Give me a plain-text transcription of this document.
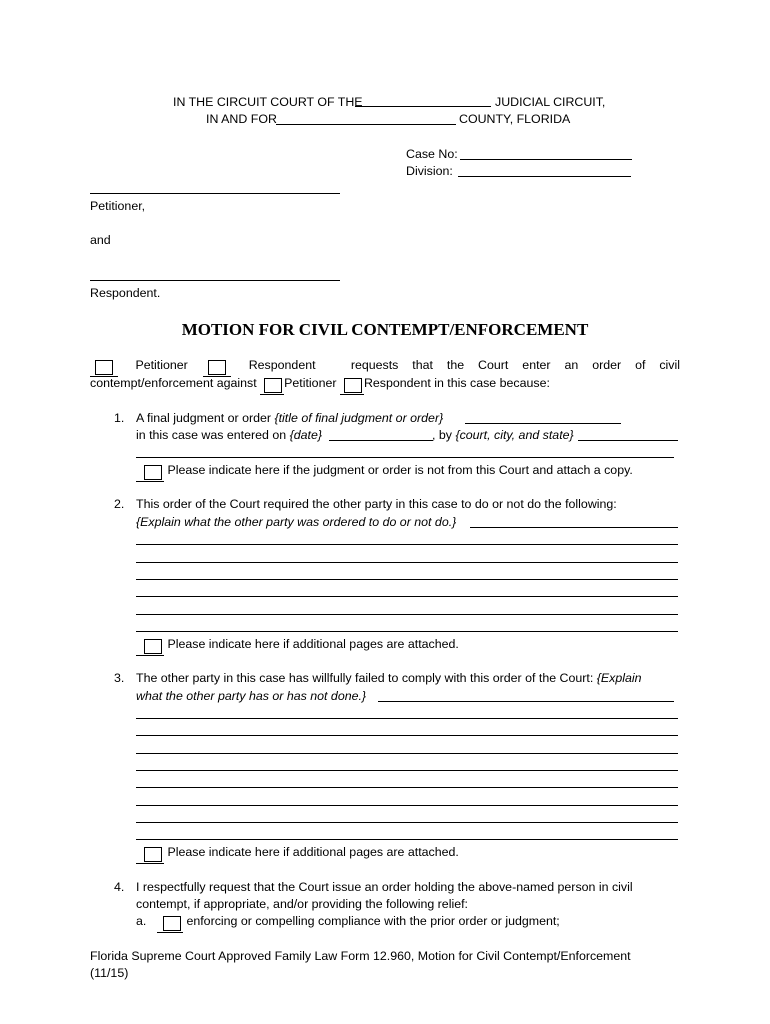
IN THE CIRCUIT COURT OF THE	JUDICIAL CIRCUIT,
IN AND FOR	COUNTY, FLORIDA
Case No:
Division:
Petitioner,
and
Respondent.
MOTION FOR CIVIL CONTEMPT/ENFORCEMENT
Petitioner	Respondent	requests that the Court enter an order of civil
contempt/enforcement against Petitioner Respondent in this case because:
1. A final judgment or order {title of final judgment or order}
in this case was entered on {date}	, by {court, city, and state}
Please indicate here if the judgment or order is not from this Court and attach a copy.
2. This order of the Court required the other party in this case to do or not do the following:
{Explain what the other party was ordered to do or not do.}
Please indicate here if additional pages are attached.
3. The other party in this case has willfully failed to comply with this order of the Court: {Explain
what the other party has or has not done.}
Please indicate here if additional pages are attached.
4. I respectfully request that the Court issue an order holding the above-named person in civil
contempt, if appropriate, and/or providing the following relief:
a.	enforcing or compelling compliance with the prior order or judgment;
Florida Supreme Court Approved Family Law Form 12.960, Motion for Civil Contempt/Enforcement
(11/15)
